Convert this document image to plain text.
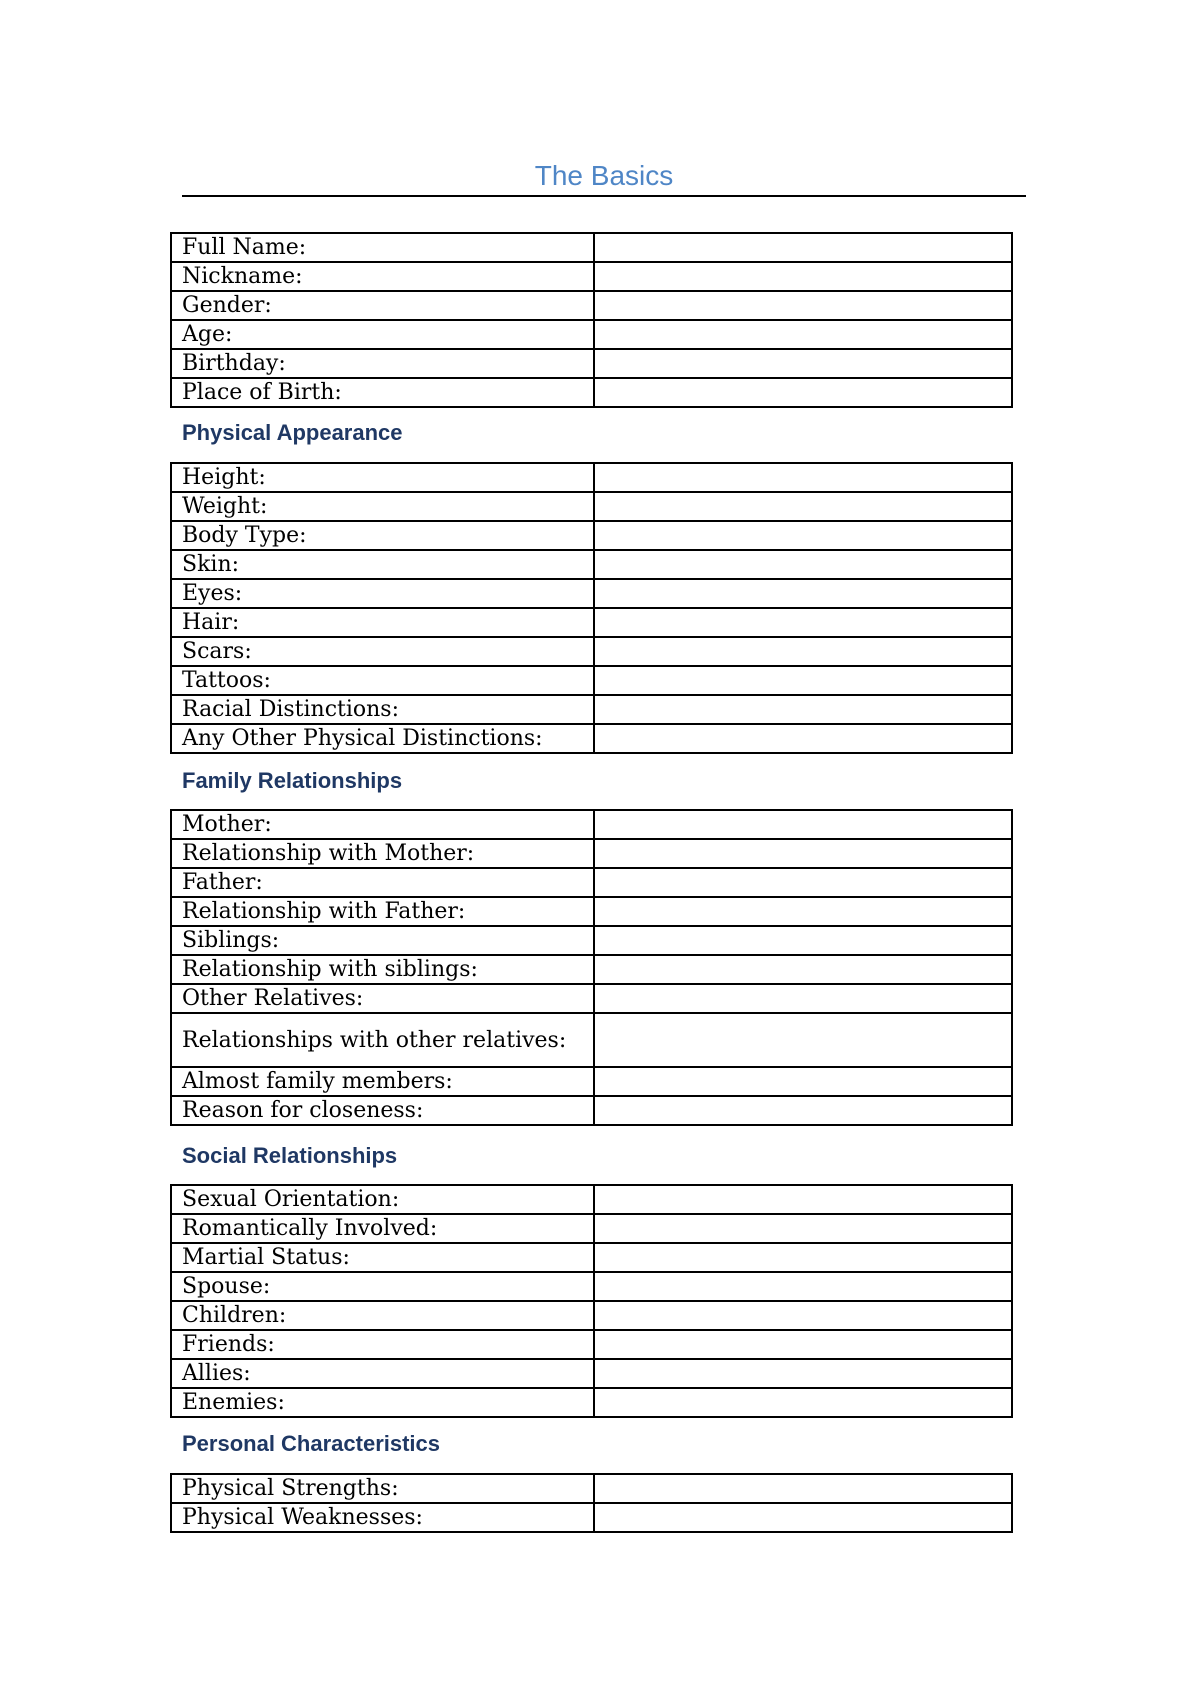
The Basics
Full Name:	
Nickname:	
Gender:	
Age:	
Birthday:	
Place of Birth:	
Physical Appearance
Height:	
Weight:	
Body Type:	
Skin:	
Eyes:	
Hair:	
Scars:	
Tattoos:	
Racial Distinctions:	
Any Other Physical Distinctions:	
Family Relationships
Mother:	
Relationship with Mother:	
Father:	
Relationship with Father:	
Siblings:	
Relationship with siblings:	
Other Relatives:	
Relationships with other relatives:	
Almost family members:	
Reason for closeness:	
Social Relationships
Sexual Orientation:	
Romantically Involved:	
Martial Status:	
Spouse:	
Children:	
Friends:	
Allies:	
Enemies:	
Personal Characteristics
Physical Strengths:	
Physical Weaknesses:	
